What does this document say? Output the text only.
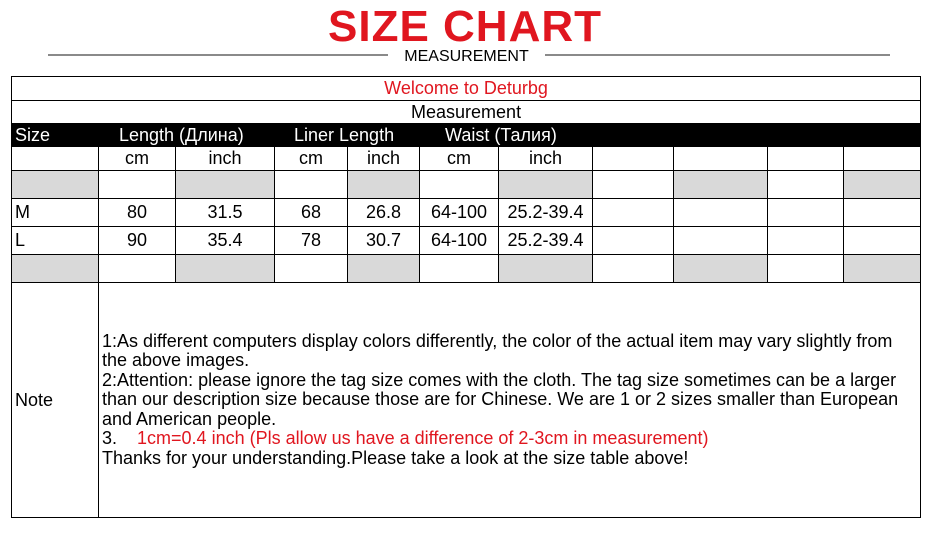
SIZE CHART
MEASUREMENT
Welcome to Deturbg										
Measurement										
Size	Length (Длина)		Liner Length		Waist (Талия)					

	cm	inch	cm	inch	cm	inch				

M	80	31.5	68	26.8	64-100	25.2-39.4				
L	90	35.4	78	30.7	64-100	25.2-39.4				

Note	1:As different computers display colors differently, the color of the actual item may vary slightly from the above images.

2:Attention: please ignore the tag size comes with the cloth. The tag size sometimes can be a larger than our description size because those are for Chinese. We are 1 or 2 sizes smaller than European and American people.

3. 1cm=0.4 inch (Pls allow us have a difference of 2-3cm in measurement)

Thanks for your understanding.Please take a look at the size table above!									
